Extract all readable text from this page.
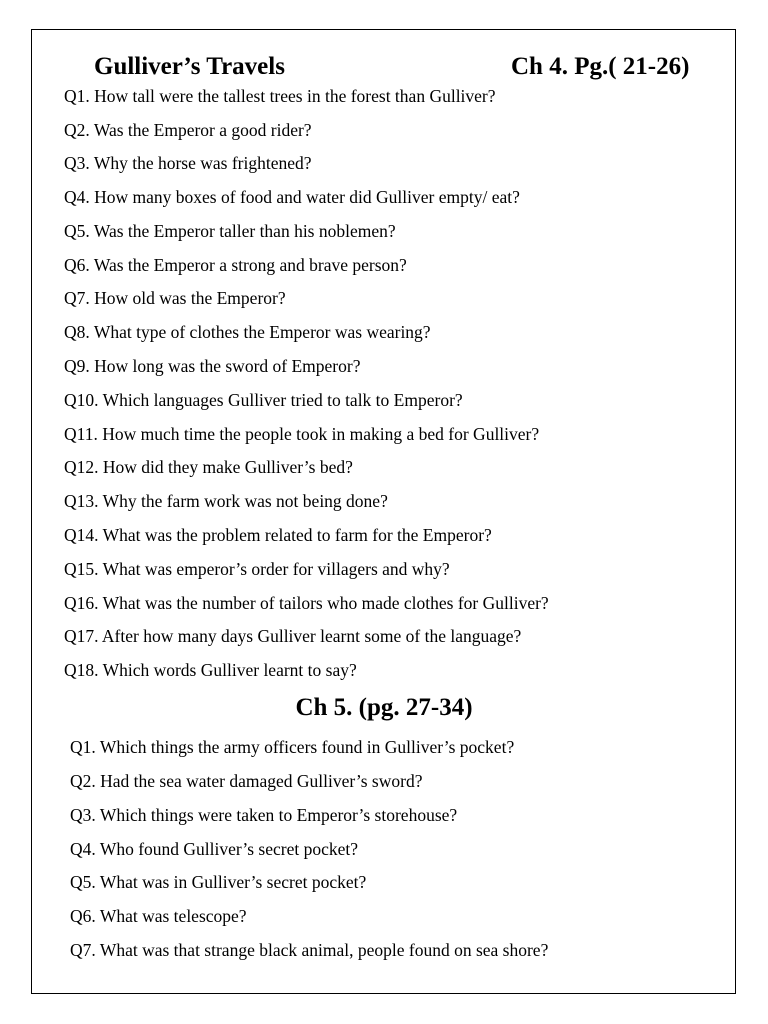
Gulliver’s Travels	Ch 4. Pg.( 21-26)
Q1. How tall were the tallest trees in the forest than Gulliver?
Q2. Was the Emperor a good rider?
Q3. Why the horse was frightened?
Q4. How many boxes of food and water did Gulliver empty/ eat?
Q5. Was the Emperor taller than his noblemen?
Q6. Was the Emperor a strong and brave person?
Q7. How old was the Emperor?
Q8. What type of clothes the Emperor was wearing?
Q9. How long was the sword of Emperor?
Q10. Which languages Gulliver tried to talk to Emperor?
Q11. How much time the people took in making a bed for Gulliver?
Q12. How did they make Gulliver’s bed?
Q13. Why the farm work was not being done?
Q14. What was the problem related to farm for the Emperor?
Q15. What was emperor’s order for villagers and why?
Q16. What was the number of tailors who made clothes for Gulliver?
Q17. After how many days Gulliver learnt some of the language?
Q18. Which words Gulliver learnt to say?
Ch 5. (pg. 27-34)
Q1. Which things the army officers found in Gulliver’s pocket?
Q2. Had the sea water damaged Gulliver’s sword?
Q3. Which things were taken to Emperor’s storehouse?
Q4. Who found Gulliver’s secret pocket?
Q5. What was in Gulliver’s secret pocket?
Q6. What was telescope?
Q7. What was that strange black animal, people found on sea shore?
